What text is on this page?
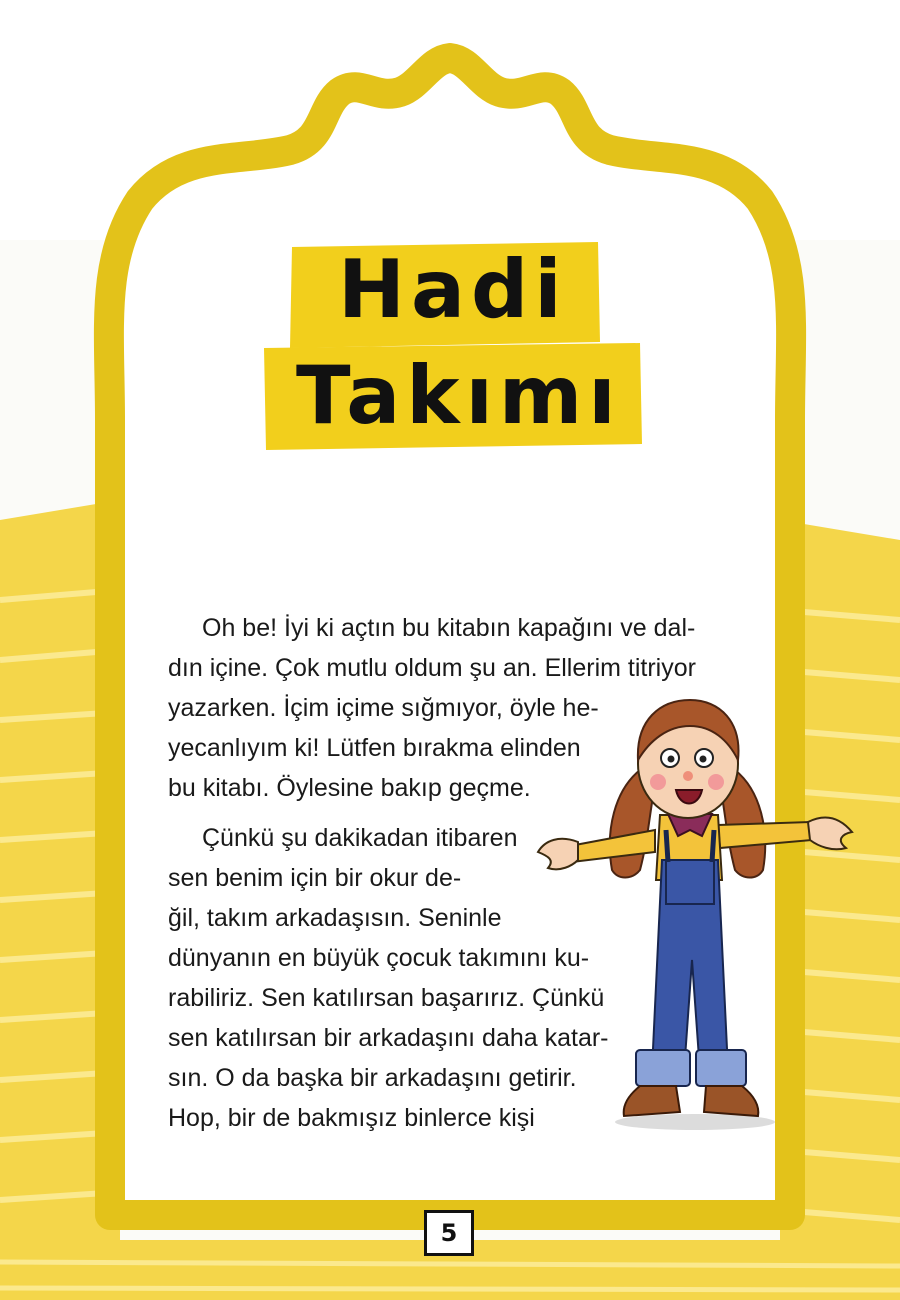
Hadi
Takımı
Oh be! İyi ki açtın bu kitabın kapağını ve dal-
dın içine. Çok mutlu oldum şu an. Ellerim titriyor
yazarken. İçim içime sığmıyor, öyle he-
yecanlıyım ki! Lütfen bırakma elinden
bu kitabı. Öylesine bakıp geçme.
Çünkü şu dakikadan itibaren
sen benim için bir okur de-
ğil, takım arkadaşısın. Seninle
dünyanın en büyük çocuk takımını ku-
rabiliriz. Sen katılırsan başarırız. Çünkü
sen katılırsan bir arkadaşını daha katar-
sın. O da başka bir arkadaşını getirir.
Hop, bir de bakmışız binlerce kişi
5
